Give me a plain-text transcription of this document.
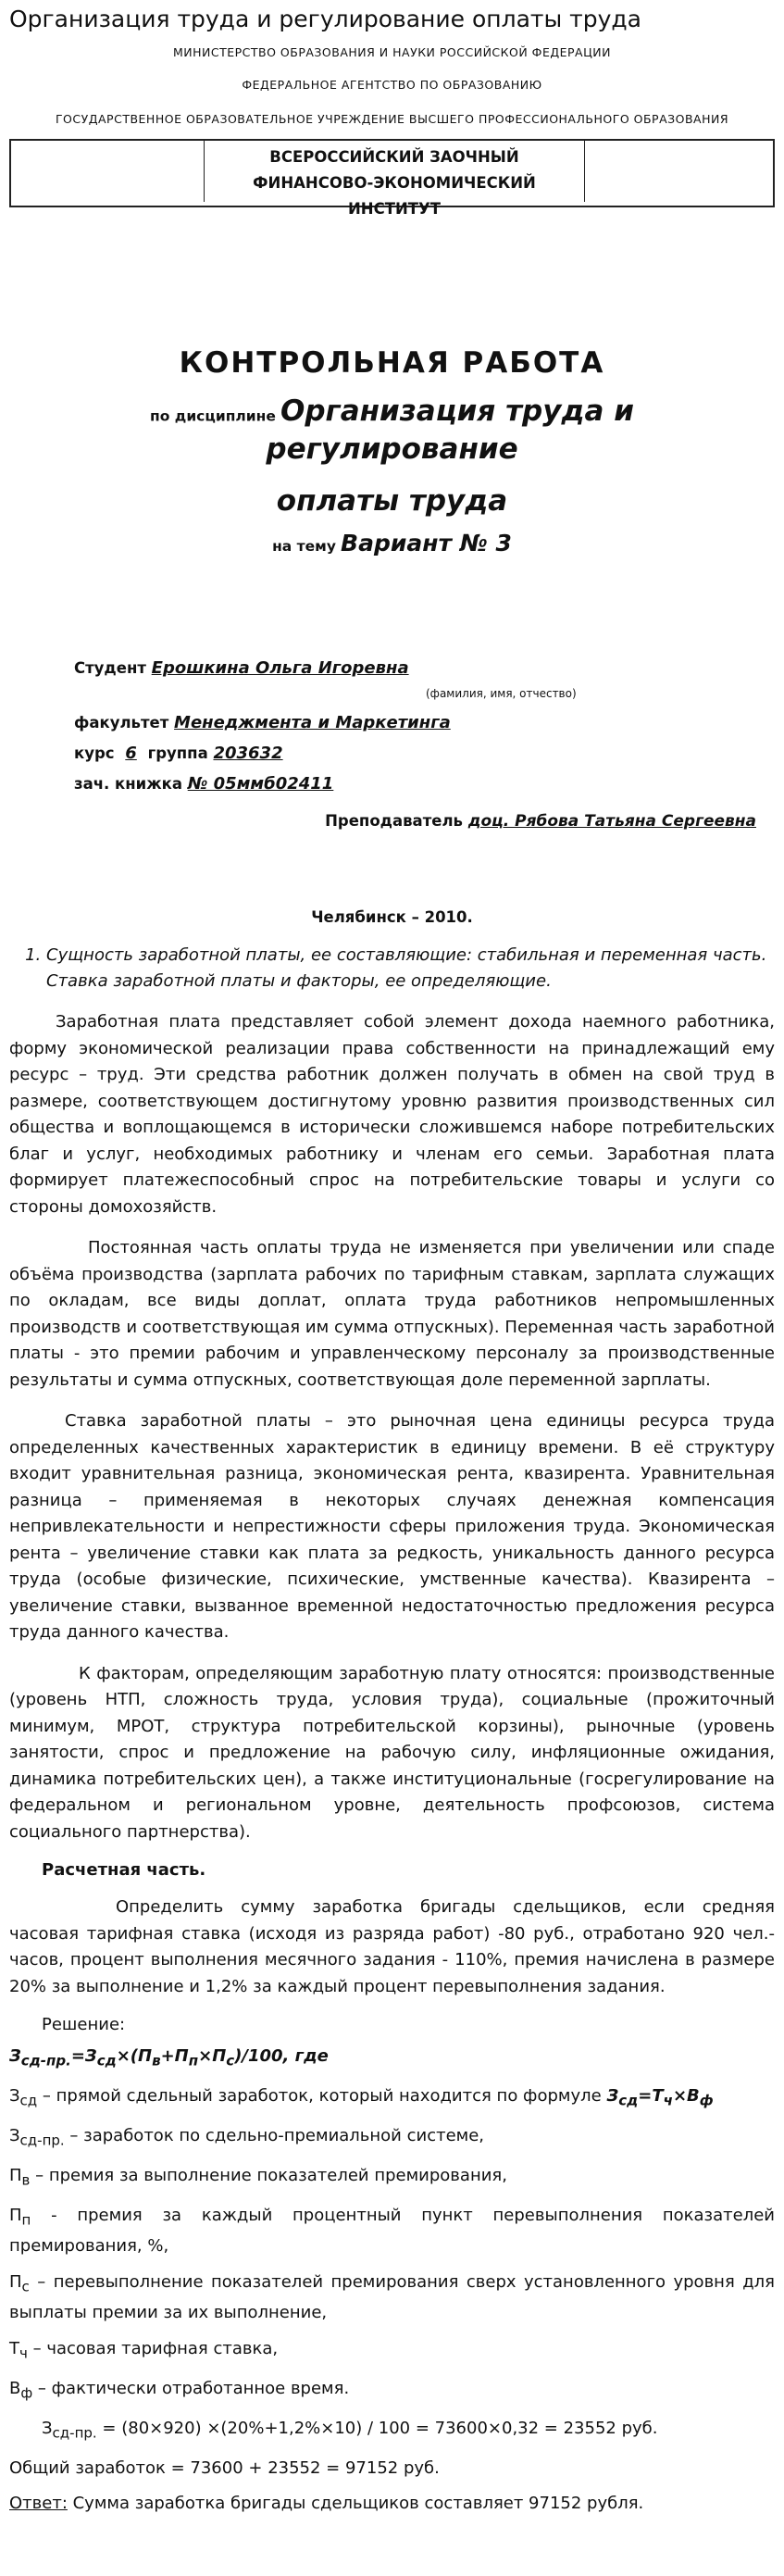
Организация труда и регулирование оплаты труда

МИНИСТЕРСТВО ОБРАЗОВАНИЯ И НАУКИ РОССИЙСКОЙ ФЕДЕРАЦИИ

ФЕДЕРАЛЬНОЕ АГЕНТСТВО ПО ОБРАЗОВАНИЮ

ГОСУДАРСТВЕННОЕ ОБРАЗОВАТЕЛЬНОЕ УЧРЕЖДЕНИЕ ВЫСШЕГО ПРОФЕССИОНАЛЬНОГО ОБРАЗОВАНИЯ

ВСЕРОССИЙСКИЙ ЗАОЧНЫЙ
ФИНАНСОВО-ЭКОНОМИЧЕСКИЙ ИНСТИТУТ
КОНТРОЛЬНАЯ РАБОТА
по дисциплине Организация труда и
регулирование
оплаты труда
на тему Вариант № 3
Студент Ерошкина Ольга Игоревна
(фамилия, имя, отчество)
факультет Менеджмента и Маркетинга
курс 6 группа 203632
зач. книжка № 05ммб02411
Преподаватель доц. Рябова Татьяна Сергеевна
Челябинск – 2010.
1. Сущность заработной платы, ее составляющие: стабильная и переменная часть. Ставка заработной платы и факторы, ее определяющие.

Заработная плата представляет собой элемент дохода наемного работника, форму экономической реализации права собственности на принадлежащий ему ресурс – труд. Эти средства работник должен получать в обмен на свой труд в размере, соответствующем достигнутому уровню развития производственных сил общества и воплощающемся в исторически сложившемся наборе потребительских благ и услуг, необходимых работнику и членам его семьи. Заработная плата формирует платежеспособный спрос на потребительские товары и услуги со стороны домохозяйств.

Постоянная часть оплаты труда не изменяется при увеличении или спаде объёма производства (зарплата рабочих по тарифным ставкам, зарплата служащих по окладам, все виды доплат, оплата труда работников непромышленных производств и соответствующая им сумма отпускных). Переменная часть заработной платы - это премии рабочим и управленческому персоналу за производственные результаты и сумма отпускных, соответствующая доле переменной зарплаты.

Ставка заработной платы – это рыночная цена единицы ресурса труда определенных качественных характеристик в единицу времени. В её структуру входит уравнительная разница, экономическая рента, квазирента. Уравнительная разница – применяемая в некоторых случаях денежная компенсация непривлекательности и непрестижности сферы приложения труда. Экономическая рента – увеличение ставки как плата за редкость, уникальность данного ресурса труда (особые физические, психические, умственные качества). Квазирента – увеличение ставки, вызванное временной недостаточностью предложения ресурса труда данного качества.

К факторам, определяющим заработную плату относятся: производственные (уровень НТП, сложность труда, условия труда), социальные (прожиточный минимум, МРОТ, структура потребительской корзины), рыночные (уровень занятости, спрос и предложение на рабочую силу, инфляционные ожидания, динамика потребительских цен), а также институциональные (госрегулирование на федеральном и региональном уровне, деятельность профсоюзов, система социального партнерства).

Расчетная часть.

Определить сумму заработка бригады сдельщиков, если средняя часовая тарифная ставка (исходя из разряда работ) -80 руб., отработано 920 чел.-часов, процент выполнения месячного задания - 110%, премия начислена в размере 20% за выполнение и 1,2% за каждый процент перевыполнения задания.

Решение:
$З_{сд-пр.}=З_{сд}\times(П_в+П_п\times П_с)/100$, где
$З_{сд}$ – прямой сдельный заработок, который находится по формуле $З_{сд}=Т_ч\times В_ф$
$З_{сд-пр.}$ – заработок по сдельно-премиальной системе,
$П_в$ – премия за выполнение показателей премирования,
$П_п$ - премия за каждый процентный пункт перевыполнения показателей премирования, %,
$П_с$ – перевыполнение показателей премирования сверх установленного уровня для выплаты премии за их выполнение,
$Т_ч$ – часовая тарифная ставка,
$В_ф$ – фактически отработанное время.
$З_{сд-пр.} = (80\times 920) \times(20\%+1,2\%\times 10) / 100 = 73600\times 0,32 = 23552$ руб.
Общий заработок = 73600 + 23552 = 97152 руб.
Ответ: Сумма заработка бригады сдельщиков составляет 97152 рубля.
